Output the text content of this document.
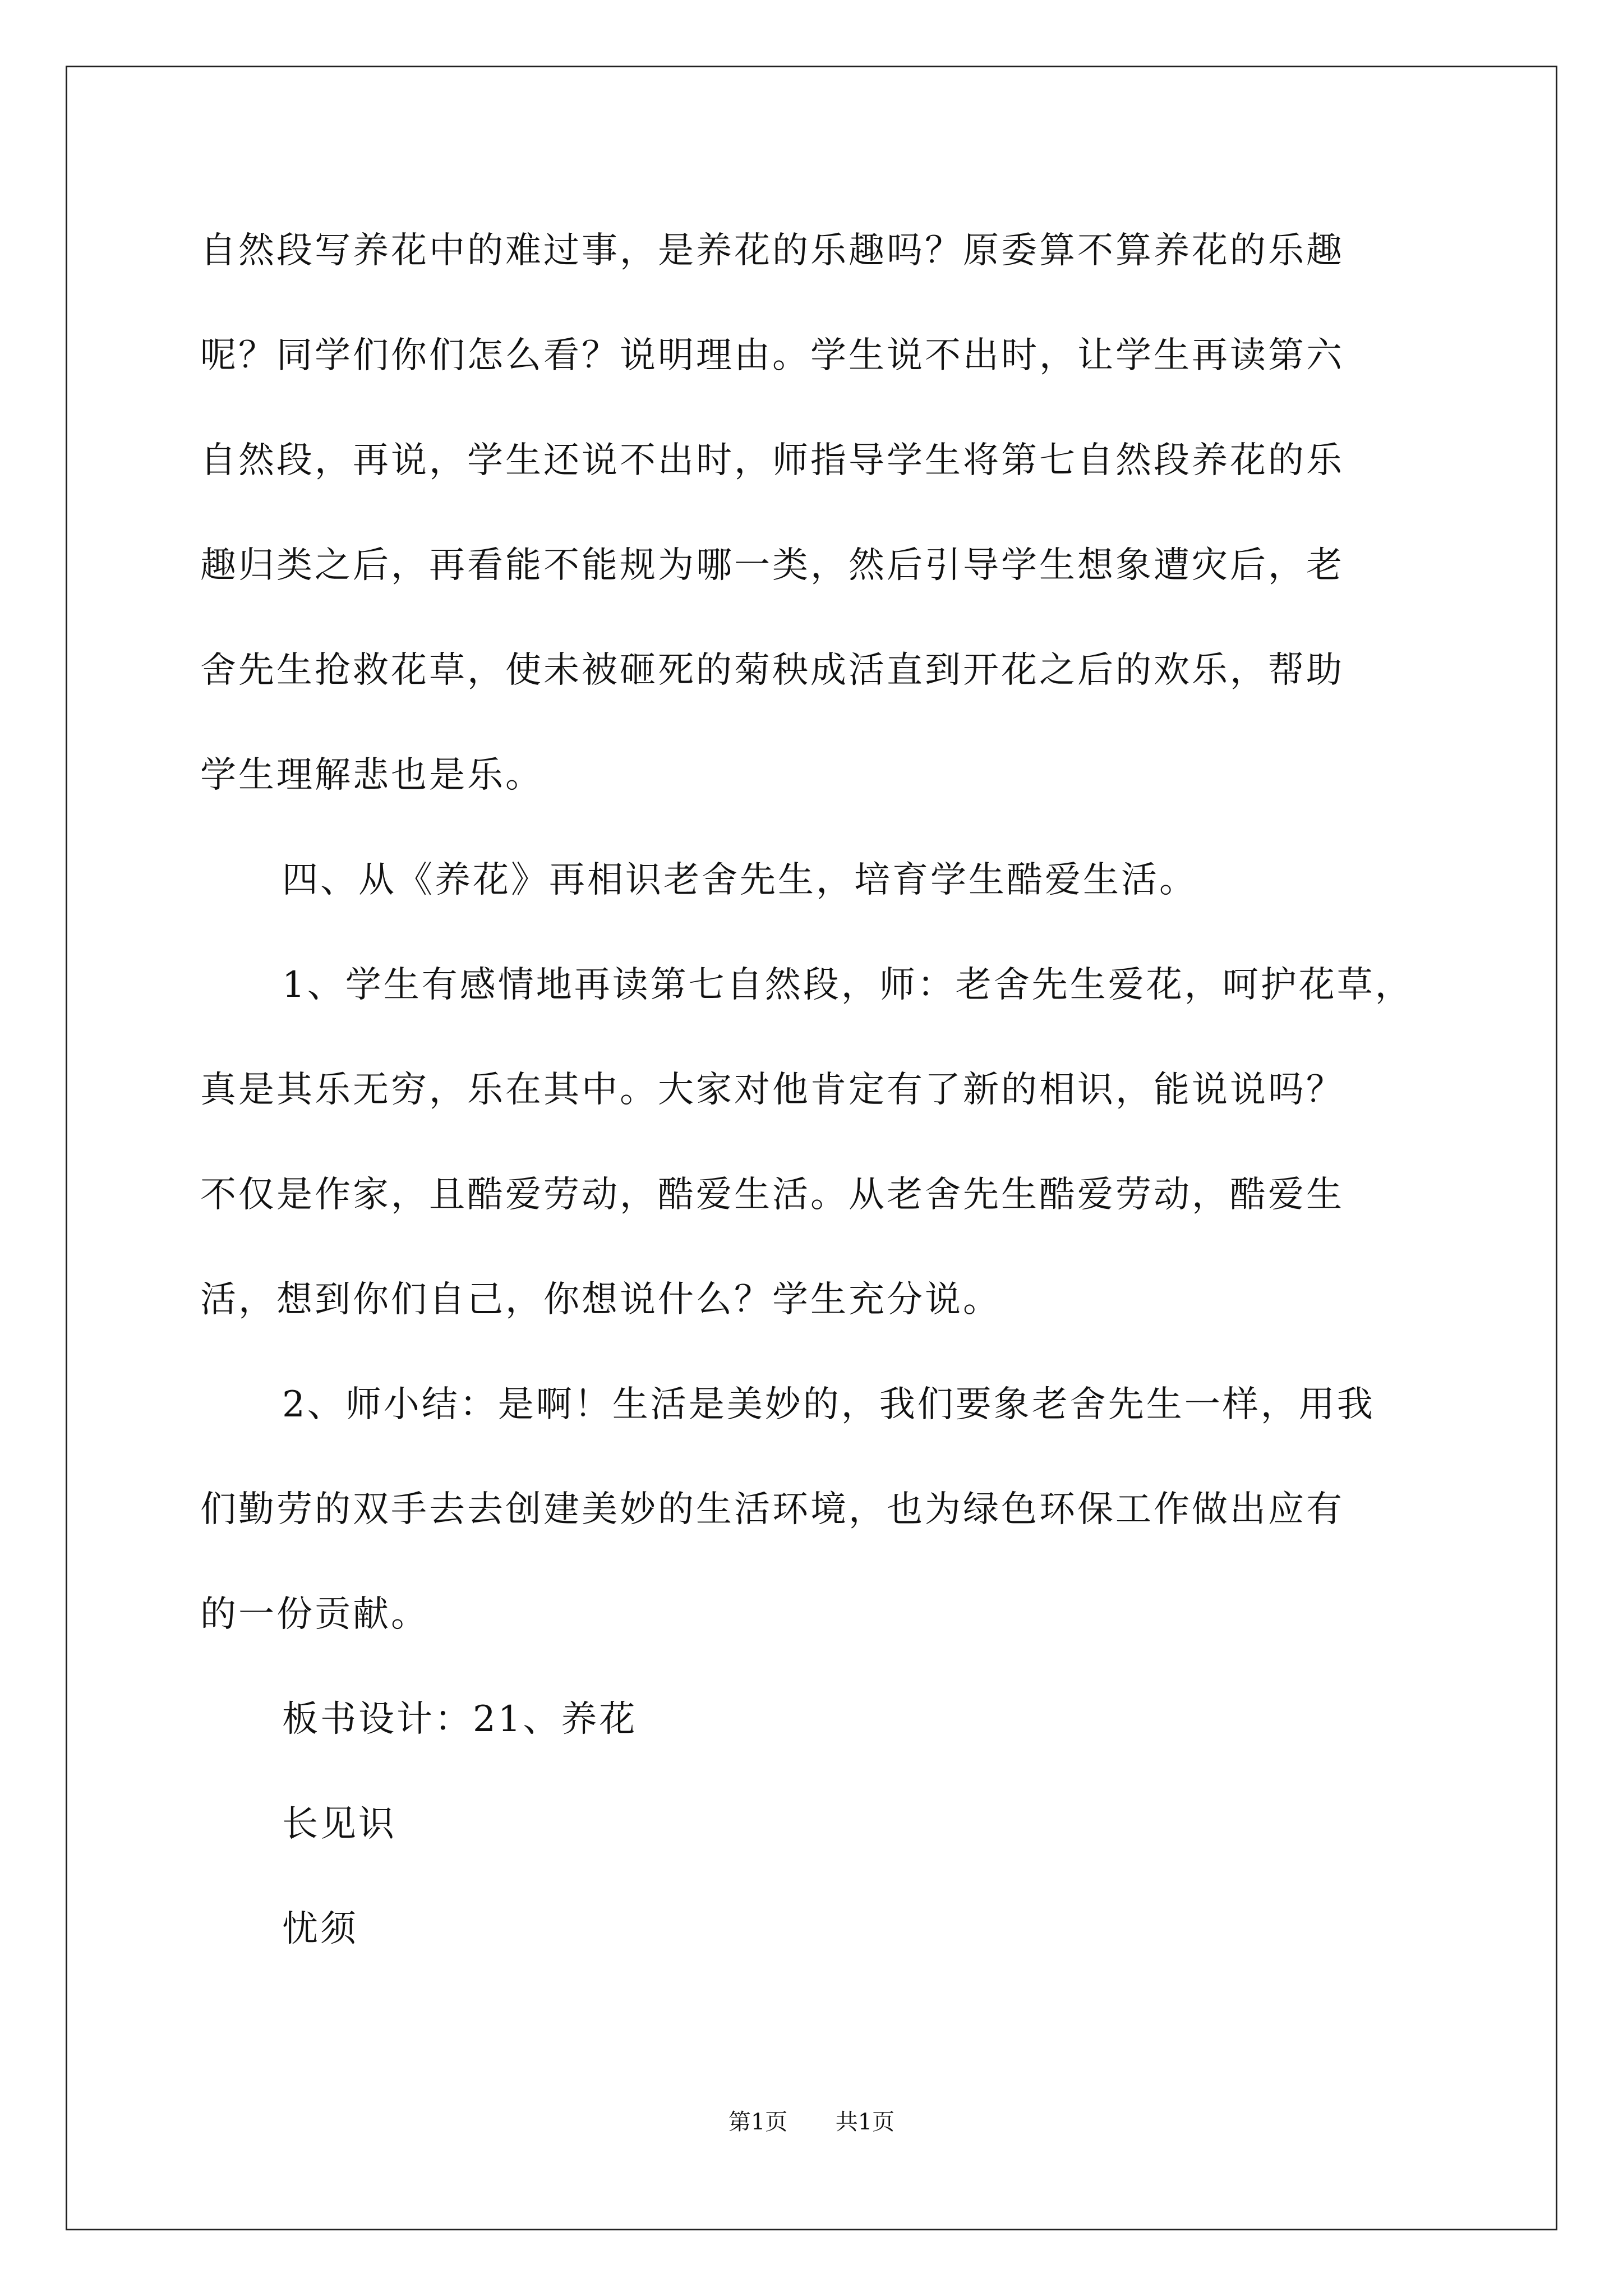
自然段写养花中的难过事，是养花的乐趣吗？原委算不算养花的乐趣
呢？同学们你们怎么看？说明理由。学生说不出时，让学生再读第六
自然段，再说，学生还说不出时，师指导学生将第七自然段养花的乐
趣归类之后，再看能不能规为哪一类，然后引导学生想象遭灾后，老
舍先生抢救花草，使未被砸死的菊秧成活直到开花之后的欢乐，帮助
学生理解悲也是乐。
四、从《养花》再相识老舍先生，培育学生酷爱生活。
1、学生有感情地再读第七自然段，师：老舍先生爱花，呵护花草，
真是其乐无穷，乐在其中。大家对他肯定有了新的相识，能说说吗？
不仅是作家，且酷爱劳动，酷爱生活。从老舍先生酷爱劳动，酷爱生
活，想到你们自己，你想说什么？学生充分说。
2、师小结：是啊！生活是美妙的，我们要象老舍先生一样，用我
们勤劳的双手去去创建美妙的生活环境，也为绿色环保工作做出应有
的一份贡献。
板书设计：21、养花
长见识
忧须
第1页 共1页
